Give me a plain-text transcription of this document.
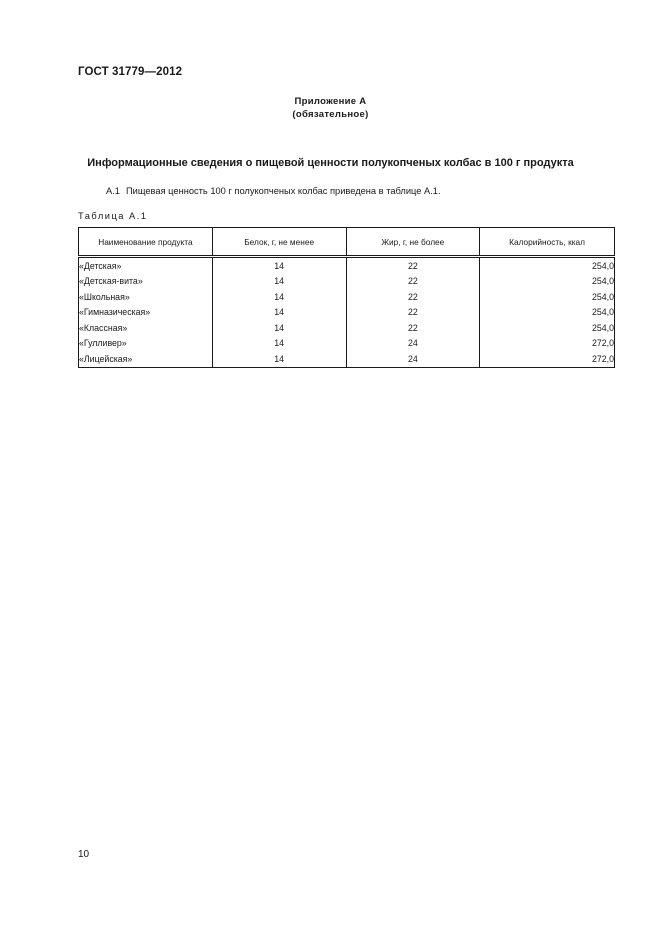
ГОСТ 31779—2012
Приложение А
(обязательное)
Информационные сведения о пищевой ценности полукопченых колбас в 100 г продукта
А.1 Пищевая ценность 100 г полукопченых колбас приведена в таблице А.1.
Таблица А.1
Наименование продукта	Белок, г, не менее	Жир, г, не более	Калорийность, ккал
«Детская»	14	22	254,0
«Детская-вита»	14	22	254,0
«Школьная»	14	22	254,0
«Гимназическая»	14	22	254,0
«Классная»	14	22	254,0
«Гулливер»	14	24	272,0
«Лицейская»	14	24	272,0
10
